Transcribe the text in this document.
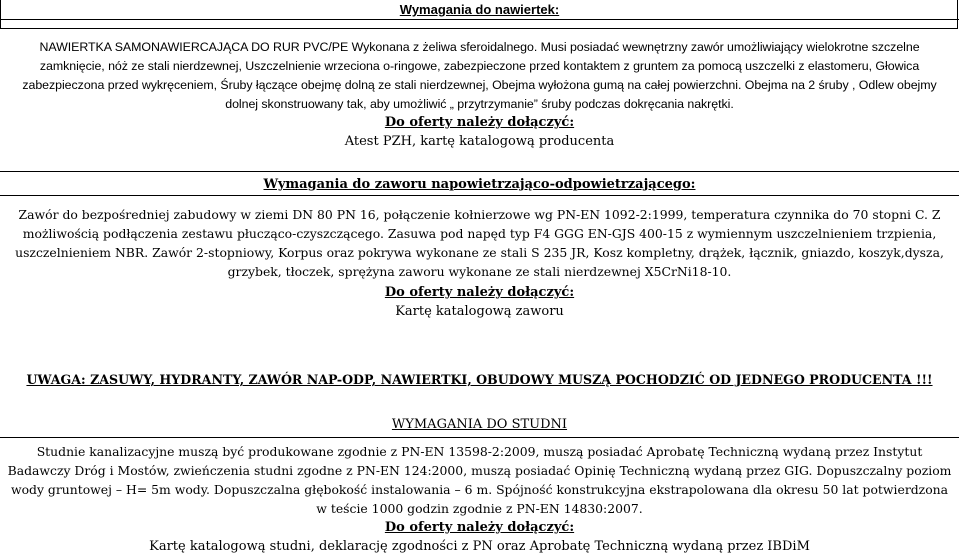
Wymagania do nawiertek:
NAWIERTKA SAMONAWIERCAJĄCA DO RUR PVC/PE Wykonana z żeliwa sferoidalnego. Musi posiadać wewnętrzny zawór umożliwiający wielokrotne szczelne zamknięcie, nóż ze stali nierdzewnej, Uszczelnienie wrzeciona o-ringowe, zabezpieczone przed kontaktem z gruntem za pomocą uszczelki z elastomeru, Głowica zabezpieczona przed wykręceniem, Śruby łączące obejmę dolną ze stali nierdzewnej, Obejma wyłożona gumą na całej powierzchni. Obejma na 2 śruby , Odlew obejmy dolnej skonstruowany tak, aby umożliwić „ przytrzymanie” śruby podczas dokręcania nakrętki.
Do oferty należy dołączyć:
Atest PZH, kartę katalogową producenta
Wymagania do zaworu napowietrzająco-odpowietrzającego:
Zawór do bezpośredniej zabudowy w ziemi DN 80 PN 16, połączenie kołnierzowe wg PN-EN 1092-2:1999, temperatura czynnika do 70 stopni C. Z możliwością podłączenia zestawu płucząco-czyszczącego. Zasuwa pod napęd typ F4 GGG EN-GJS 400-15 z wymiennym uszczelnieniem trzpienia, uszczelnieniem NBR. Zawór 2-stopniowy, Korpus oraz pokrywa wykonane ze stali S 235 JR, Kosz kompletny, drążek, łącznik, gniazdo, koszyk,dysza, grzybek, tłoczek, sprężyna zaworu wykonane ze stali nierdzewnej X5CrNi18-10.
Do oferty należy dołączyć:
Kartę katalogową zaworu
UWAGA: ZASUWY, HYDRANTY, ZAWÓR NAP-ODP, NAWIERTKI, OBUDOWY MUSZĄ POCHODZIĆ OD JEDNEGO PRODUCENTA !!!
WYMAGANIA DO STUDNI
Studnie kanalizacyjne muszą być produkowane zgodnie z PN-EN 13598-2:2009, muszą posiadać Aprobatę Techniczną wydaną przez Instytut Badawczy Dróg i Mostów, zwieńczenia studni zgodne z PN-EN 124:2000, muszą posiadać Opinię Techniczną wydaną przez GIG. Dopuszczalny poziom wody gruntowej – H= 5m wody. Dopuszczalna głębokość instalowania – 6 m. Spójność konstrukcyjna ekstrapolowana dla okresu 50 lat potwierdzona w teście 1000 godzin zgodnie z PN-EN 14830:2007.
Do oferty należy dołączyć:
Kartę katalogową studni, deklarację zgodności z PN oraz Aprobatę Techniczną wydaną przez IBDiM
